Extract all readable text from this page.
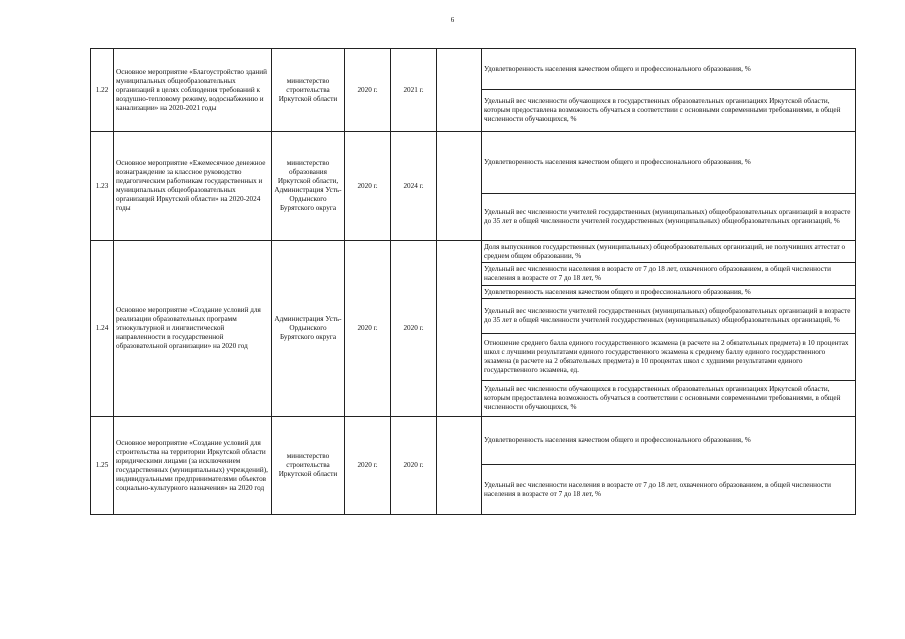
6
1.22	Основное мероприятие «Благоустройство зданий муниципальных общеобразовательных организаций в целях соблюдения требований к воздушно-тепловому режиму, водоснабжению и канализации» на 2020-2021 годы	министерство строительства Иркутской области	2020 г.	2021 г.		Удовлетворенность населения качеством общего и профессионального образования, %
						Удельный вес численности обучающихся в государственных образовательных организациях Иркутской области, которым предоставлена возможность обучаться в соответствии с основными современными требованиями, в общей численности обучающихся, %
1.23	Основное мероприятие «Ежемесячное денежное вознаграждение за классное руководство педагогическим работникам государственных и муниципальных общеобразовательных организаций Иркутской области» на 2020-2024 годы	министерство образования Иркутской области, Администрация Усть-Ордынского Бурятского округа	2020 г.	2024 г.		Удовлетворенность населения качеством общего и профессионального образования, %
						Удельный вес численности учителей государственных (муниципальных) общеобразовательных организаций в возрасте до 35 лет в общей численности учителей государственных (муниципальных) общеобразовательных организаций, %
1.24	Основное мероприятие «Создание условий для реализации образовательных программ этнокультурной и лингвистической направленности в государственной образовательной организации» на 2020 год	Администрация Усть-Ордынского Бурятского округа	2020 г.	2020 г.		Доля выпускников государственных (муниципальных) общеобразовательных организаций, не получивших аттестат о среднем общем образовании, %
						Удельный вес численности населения в возрасте от 7 до 18 лет, охваченного образованием, в общей численности населения в возрасте от 7 до 18 лет, %
						Удовлетворенность населения качеством общего и профессионального образования, %
						Удельный вес численности учителей государственных (муниципальных) общеобразовательных организаций в возрасте до 35 лет в общей численности учителей государственных (муниципальных) общеобразовательных организаций, %
						Отношение среднего балла единого государственного экзамена (в расчете на 2 обязательных предмета) в 10 процентах школ с лучшими результатами единого государственного экзамена к среднему баллу единого государственного экзамена (в расчете на 2 обязательных предмета) в 10 процентах школ с худшими результатами единого государственного экзамена, ед.
						Удельный вес численности обучающихся в государственных образовательных организациях Иркутской области, которым предоставлена возможность обучаться в соответствии с основными современными требованиями, в общей численности обучающихся, %
1.25	Основное мероприятие «Создание условий для строительства на территории Иркутской области юридическими лицами (за исключением государственных (муниципальных) учреждений), индивидуальными предпринимателями объектов социально-культурного назначения» на 2020 год	министерство строительства Иркутской области	2020 г.	2020 г.		Удовлетворенность населения качеством общего и профессионального образования, %
						Удельный вес численности населения в возрасте от 7 до 18 лет, охваченного образованием, в общей численности населения в возрасте от 7 до 18 лет, %
